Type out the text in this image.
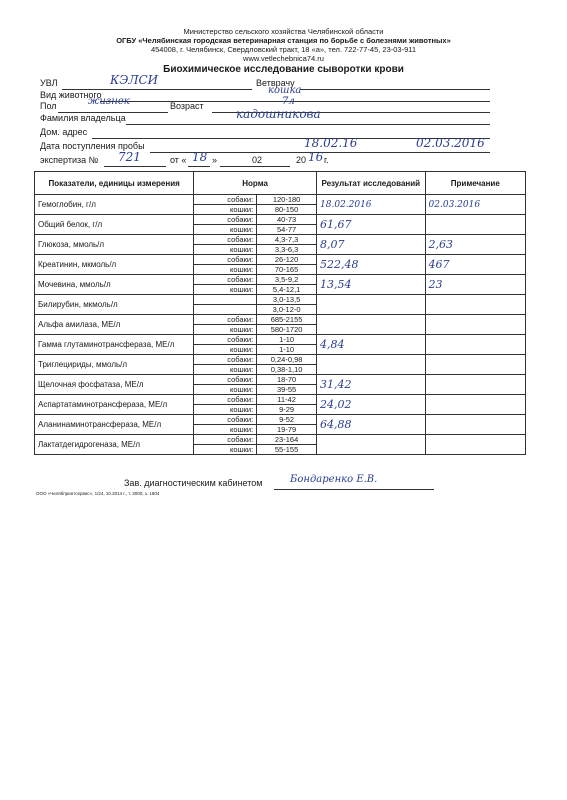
Министерство сельского хозяйства Челябинской области
ОГБУ «Челябинская городская ветеринарная станция по борьбе с болезнями животных»
454008, г. Челябинск, Свердловский тракт, 18 «а», тел. 722-77-45, 23-03-911
www.vetlechebnica74.ru
Биохимическое исследование сыворотки крови
УВЛ	КЭЛСИ	Ветврачу
Вид животного	кошка
Пол	жизнек	Возраст	7л
Фамилия владельца	кадошникова
Дом. адрес
Дата поступления пробы	18.02.16	02.03.2016
экспертиза № 721	от « 18 »	02	20 16 г.
Показатели, единицы измерения	Норма		Результат исследований	Примечание
Гемоглобин, г/л	собаки:	120-180	18.02.2016	02.03.2016
	кошки:	80-150		
Общий белок, г/л	собаки:	40-73	61,67	
	кошки:	54-77		
Глюкоза, ммоль/л	собаки:	4,3-7,3	8,07	2,63
	кошки:	3,3-6,3		
Креатинин, мкмоль/л	собаки:	26-120	522,48	467
	кошки:	70-165		
Мочевина, ммоль/л	собаки:	3,5-9,2	13,54	23
	кошки:	5,4-12,1		
Билирубин, мкмоль/л		3,0-13,5		
		3,0-12-0		
Альфа амилаза, МЕ/л	собаки:	685-2155		
	кошки:	580-1720		
Гамма глутаминотрансфераза, МЕ/л	собаки:	1-10	4,84	
	кошки:	1-10		
Триглецириды, ммоль/л	собаки:	0,24-0,98		
	кошки:	0,38-1,10		
Щелочная фосфатаза, МЕ/л	собаки:	18-70	31,42	
	кошки:	39-55		
Аспартатаминотрансфераза, МЕ/л	собаки:	11-42	24,02	
	кошки:	9-29		
Аланинаминотрансфераза, МЕ/л	собаки:	9-52	64,88	
	кошки:	19-79		
Лактатдегидрогеназа, МЕ/л	собаки:	23-164		
	кошки:	55-155		
Зав. диагностическим кабинетом	Бондаренко Е.В.
ООО «Челябпринтсервис», 1/24, 10.2014 г., т. 3000, з. 1804
